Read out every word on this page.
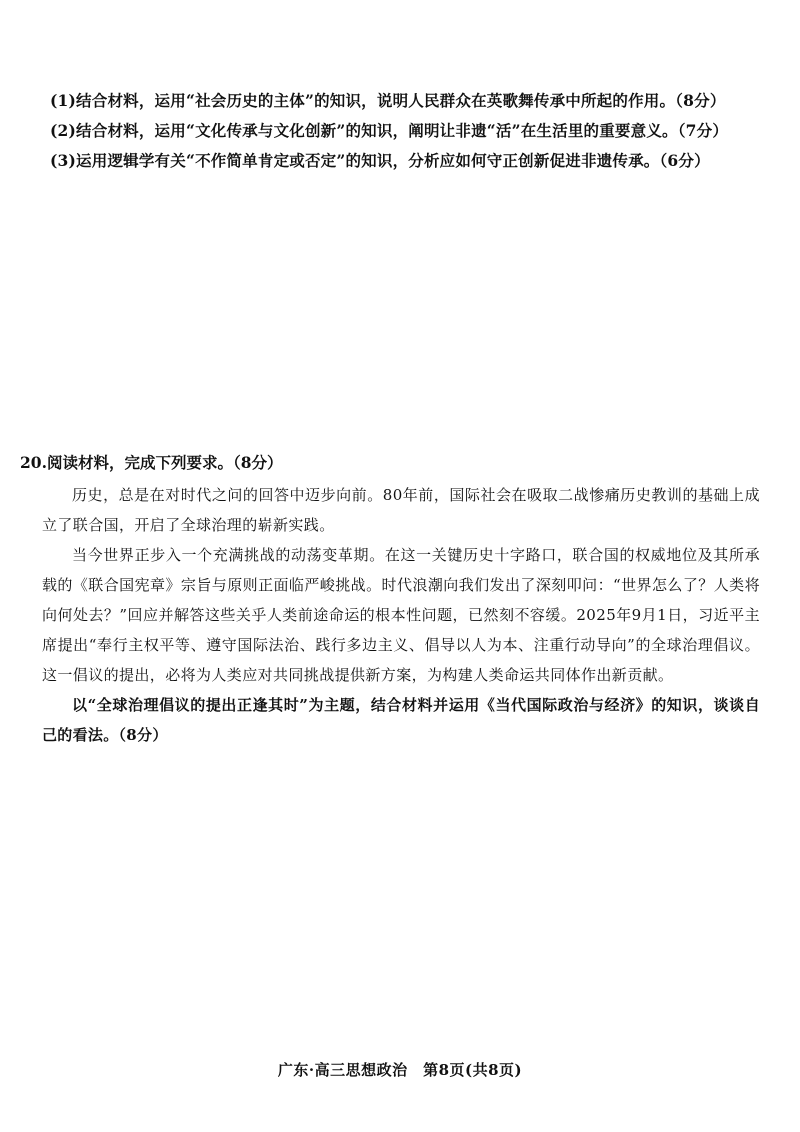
(1)结合材料，运用“社会历史的主体”的知识，说明人民群众在英歌舞传承中所起的作用。（8分）
(2)结合材料，运用“文化传承与文化创新”的知识，阐明让非遗“活”在生活里的重要意义。（7分）
(3)运用逻辑学有关“不作简单肯定或否定”的知识，分析应如何守正创新促进非遗传承。（6分）
20.阅读材料，完成下列要求。（8分）

历史，总是在对时代之问的回答中迈步向前。80年前，国际社会在吸取二战惨痛历史教训的基础上成立了联合国，开启了全球治理的崭新实践。

当今世界正步入一个充满挑战的动荡变革期。在这一关键历史十字路口，联合国的权威地位及其所承载的《联合国宪章》宗旨与原则正面临严峻挑战。时代浪潮向我们发出了深刻叩问：“世界怎么了？人类将向何处去？”回应并解答这些关乎人类前途命运的根本性问题，已然刻不容缓。2025年9月1日，习近平主席提出“奉行主权平等、遵守国际法治、践行多边主义、倡导以人为本、注重行动导向”的全球治理倡议。这一倡议的提出，必将为人类应对共同挑战提供新方案，为构建人类命运共同体作出新贡献。

以“全球治理倡议的提出正逢其时”为主题，结合材料并运用《当代国际政治与经济》的知识，谈谈自己的看法。（8分）

广东·高三思想政治　第8页(共8页)
